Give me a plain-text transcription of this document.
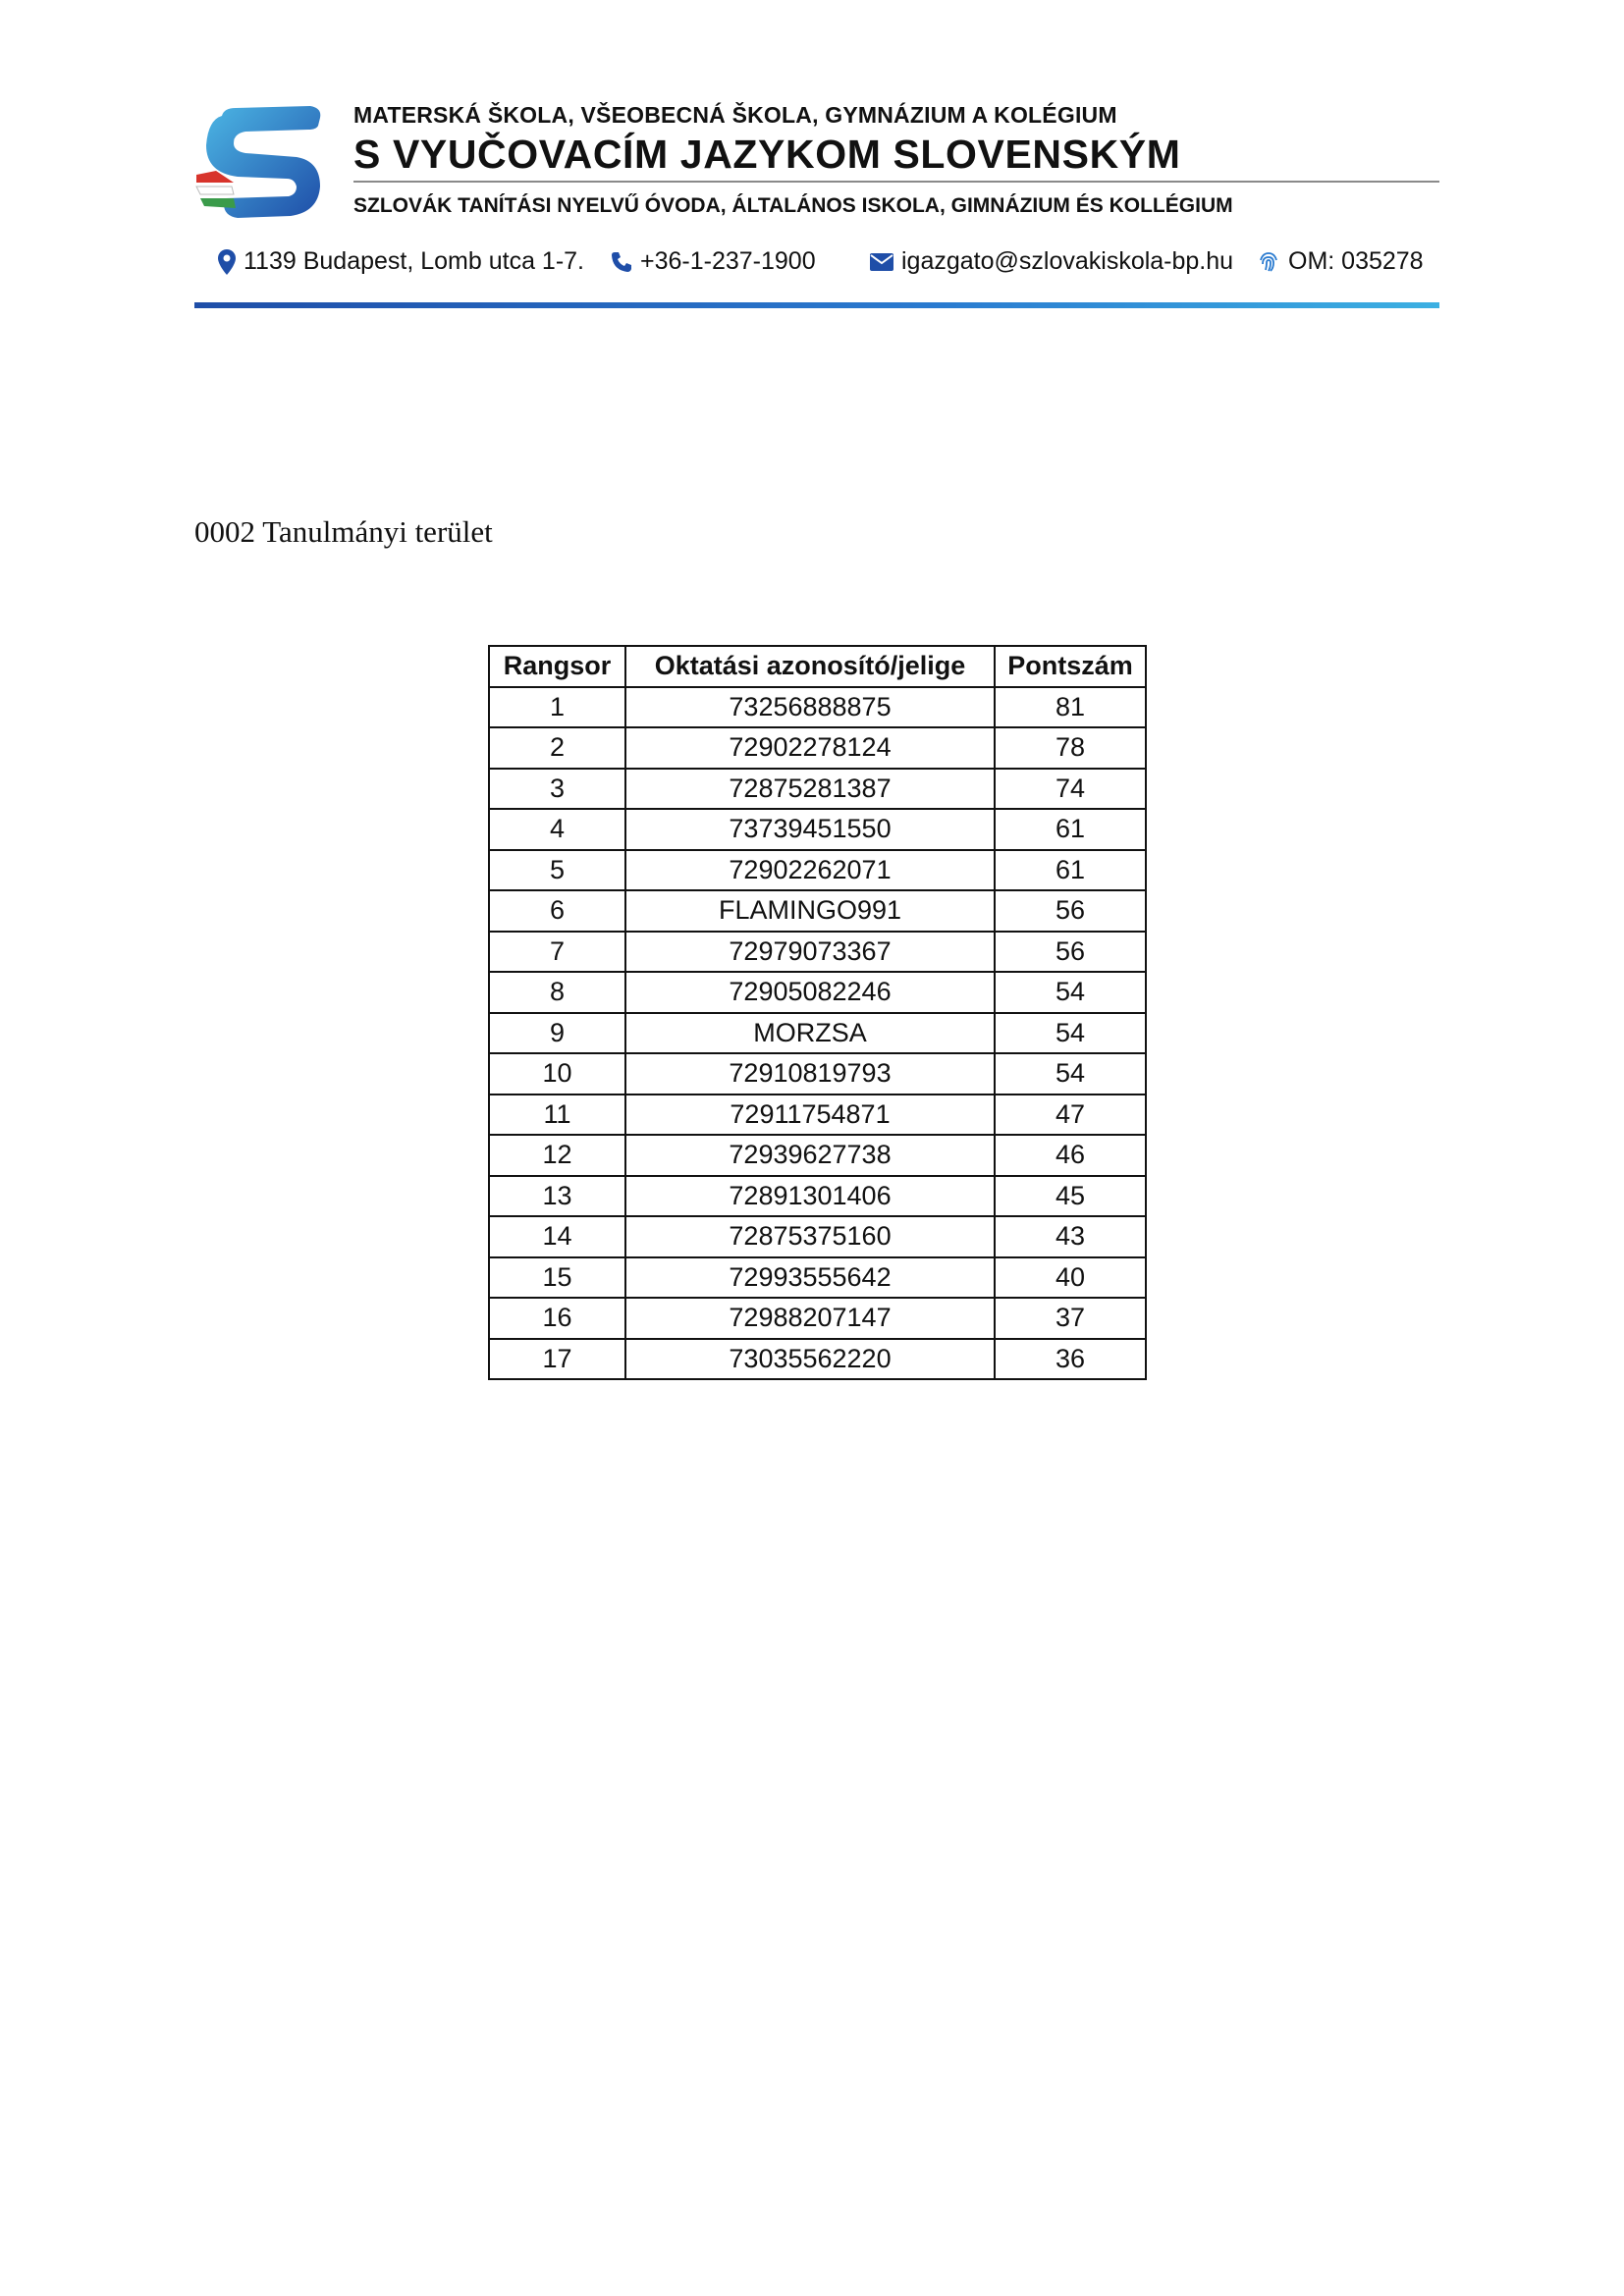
MATERSKÁ ŠKOLA, VŠEOBECNÁ ŠKOLA, GYMNÁZIUM A KOLÉGIUM
S VYUČOVACÍM JAZYKOM SLOVENSKÝM
SZLOVÁK TANÍTÁSI NYELVŰ ÓVODA, ÁLTALÁNOS ISKOLA, GIMNÁZIUM ÉS KOLLÉGIUM
1139 Budapest, Lomb utca 1-7. +36-1-237-1900	igazgato@szlovakiskola-bp.hu OM: 035278
0002 Tanulmányi terület
Rangsor	Oktatási azonosító/jelige	Pontszám
1	73256888875	81
2	72902278124	78
3	72875281387	74
4	73739451550	61
5	72902262071	61
6	FLAMINGO991	56
7	72979073367	56
8	72905082246	54
9	MORZSA	54
10	72910819793	54
11	72911754871	47
12	72939627738	46
13	72891301406	45
14	72875375160	43
15	72993555642	40
16	72988207147	37
17	73035562220	36
